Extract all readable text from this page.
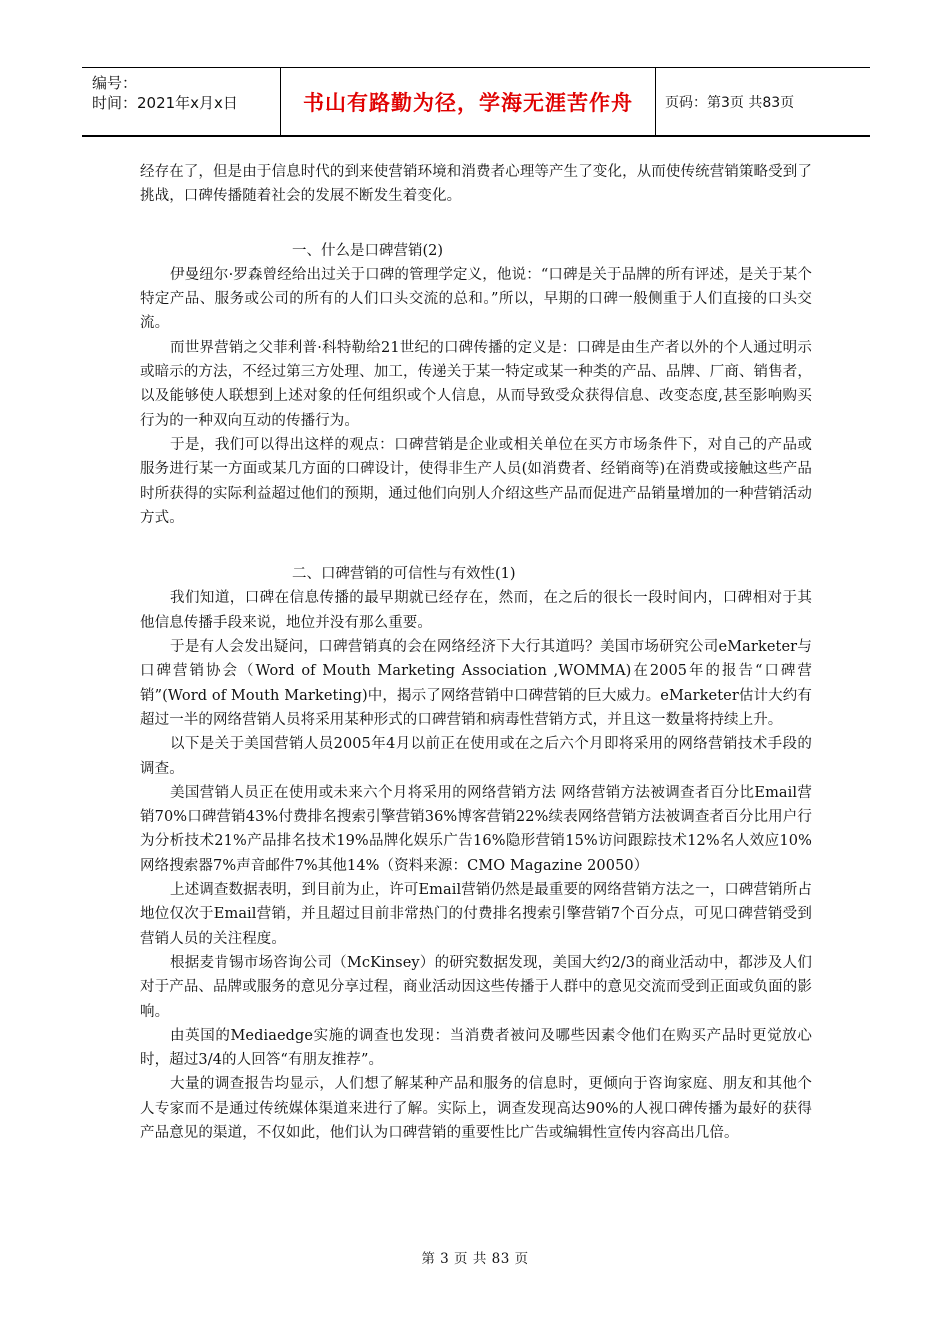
编号：
时间：2021年x月x日	书山有路勤为径，学海无涯苦作舟	页码：第3页 共83页

经存在了，但是由于信息时代的到来使营销环境和消费者心理等产生了变化，从而使传统营销策略受到了挑战，口碑传播随着社会的发展不断发生着变化。

一、什么是口碑营销(2)

伊曼纽尔·罗森曾经给出过关于口碑的管理学定义，他说：“口碑是关于品牌的所有评述，是关于某个特定产品、服务或公司的所有的人们口头交流的总和。”所以，早期的口碑一般侧重于人们直接的口头交流。

而世界营销之父菲利普·科特勒给21世纪的口碑传播的定义是：口碑是由生产者以外的个人通过明示或暗示的方法，不经过第三方处理、加工，传递关于某一特定或某一种类的产品、品牌、厂商、销售者，以及能够使人联想到上述对象的任何组织或个人信息，从而导致受众获得信息、改变态度,甚至影响购买行为的一种双向互动的传播行为。

于是，我们可以得出这样的观点：口碑营销是企业或相关单位在买方市场条件下，对自己的产品或服务进行某一方面或某几方面的口碑设计，使得非生产人员(如消费者、经销商等)在消费或接触这些产品时所获得的实际利益超过他们的预期，通过他们向别人介绍这些产品而促进产品销量增加的一种营销活动方式。

二、口碑营销的可信性与有效性(1)

我们知道，口碑在信息传播的最早期就已经存在，然而，在之后的很长一段时间内，口碑相对于其他信息传播手段来说，地位并没有那么重要。

于是有人会发出疑问，口碑营销真的会在网络经济下大行其道吗？美国市场研究公司eMarketer与口碑营销协会（Word of Mouth Marketing Association ,WOMMA)在2005年的报告“口碑营销”(Word of Mouth Marketing)中，揭示了网络营销中口碑营销的巨大威力。eMarketer估计大约有超过一半的网络营销人员将采用某种形式的口碑营销和病毒性营销方式，并且这一数量将持续上升。

以下是关于美国营销人员2005年4月以前正在使用或在之后六个月即将采用的网络营销技术手段的调查。

美国营销人员正在使用或未来六个月将采用的网络营销方法 网络营销方法被调查者百分比Email营销70%口碑营销43%付费排名搜索引擎营销36%博客营销22%续表网络营销方法被调查者百分比用户行为分析技术21%产品排名技术19%品牌化娱乐广告16%隐形营销15%访问跟踪技术12%名人效应10%网络搜索器7%声音邮件7%其他14%（资料来源：CMO Magazine 20050）

上述调查数据表明，到目前为止，许可Email营销仍然是最重要的网络营销方法之一，口碑营销所占地位仅次于Email营销，并且超过目前非常热门的付费排名搜索引擎营销7个百分点，可见口碑营销受到营销人员的关注程度。

根据麦肯锡市场咨询公司（McKinsey）的研究数据发现，美国大约2/3的商业活动中，都涉及人们对于产品、品牌或服务的意见分享过程，商业活动因这些传播于人群中的意见交流而受到正面或负面的影响。

由英国的Mediaedge实施的调查也发现：当消费者被问及哪些因素令他们在购买产品时更觉放心时，超过3/4的人回答“有朋友推荐”。

大量的调查报告均显示，人们想了解某种产品和服务的信息时，更倾向于咨询家庭、朋友和其他个人专家而不是通过传统媒体渠道来进行了解。实际上，调查发现高达90%的人视口碑传播为最好的获得产品意见的渠道，不仅如此，他们认为口碑营销的重要性比广告或编辑性宣传内容高出几倍。

第 3 页 共 83 页
